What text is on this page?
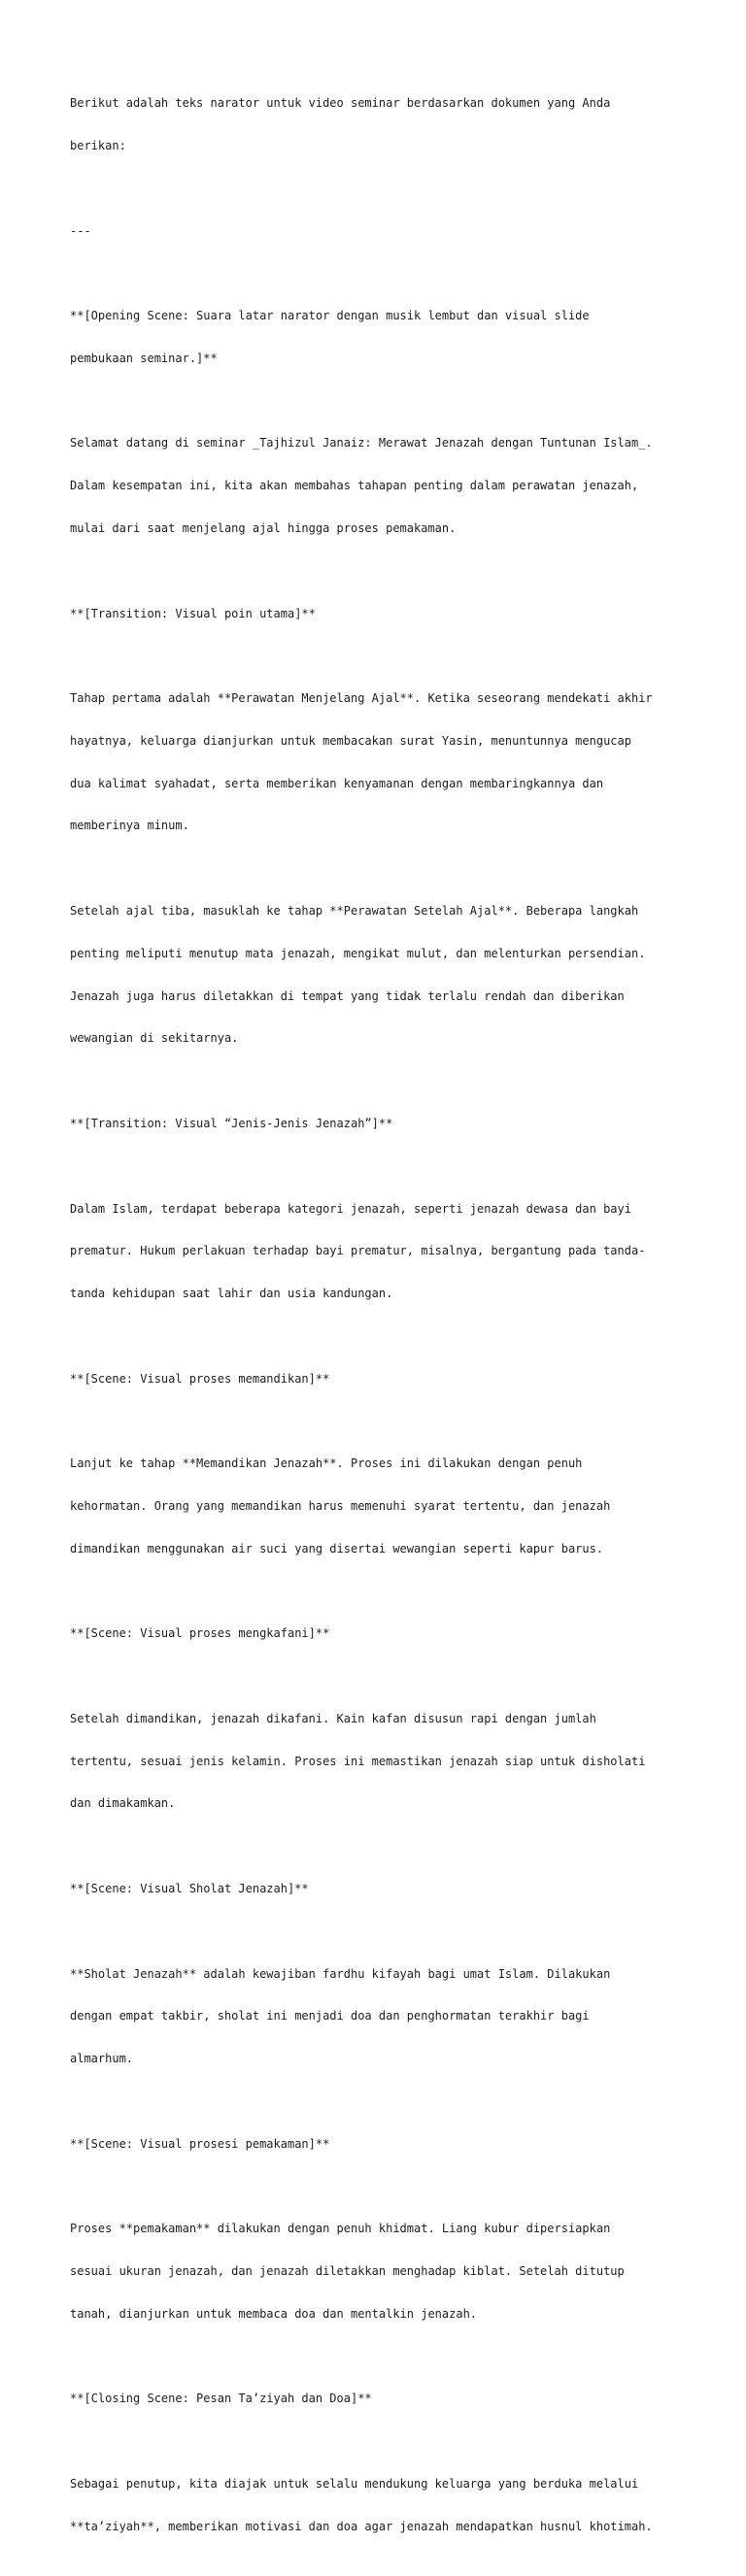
Berikut adalah teks narator untuk video seminar berdasarkan dokumen yang Anda

berikan:

---

**[Opening Scene: Suara latar narator dengan musik lembut dan visual slide

pembukaan seminar.]**

Selamat datang di seminar _Tajhizul Janaiz: Merawat Jenazah dengan Tuntunan Islam_.

Dalam kesempatan ini, kita akan membahas tahapan penting dalam perawatan jenazah,

mulai dari saat menjelang ajal hingga proses pemakaman.

**[Transition: Visual poin utama]**

Tahap pertama adalah **Perawatan Menjelang Ajal**. Ketika seseorang mendekati akhir

hayatnya, keluarga dianjurkan untuk membacakan surat Yasin, menuntunnya mengucap

dua kalimat syahadat, serta memberikan kenyamanan dengan membaringkannya dan

memberinya minum.

Setelah ajal tiba, masuklah ke tahap **Perawatan Setelah Ajal**. Beberapa langkah

penting meliputi menutup mata jenazah, mengikat mulut, dan melenturkan persendian.

Jenazah juga harus diletakkan di tempat yang tidak terlalu rendah dan diberikan

wewangian di sekitarnya.

**[Transition: Visual “Jenis-Jenis Jenazah”]**

Dalam Islam, terdapat beberapa kategori jenazah, seperti jenazah dewasa dan bayi

prematur. Hukum perlakuan terhadap bayi prematur, misalnya, bergantung pada tanda-

tanda kehidupan saat lahir dan usia kandungan.

**[Scene: Visual proses memandikan]**

Lanjut ke tahap **Memandikan Jenazah**. Proses ini dilakukan dengan penuh

kehormatan. Orang yang memandikan harus memenuhi syarat tertentu, dan jenazah

dimandikan menggunakan air suci yang disertai wewangian seperti kapur barus.

**[Scene: Visual proses mengkafani]**

Setelah dimandikan, jenazah dikafani. Kain kafan disusun rapi dengan jumlah

tertentu, sesuai jenis kelamin. Proses ini memastikan jenazah siap untuk disholati

dan dimakamkan.

**[Scene: Visual Sholat Jenazah]**

**Sholat Jenazah** adalah kewajiban fardhu kifayah bagi umat Islam. Dilakukan

dengan empat takbir, sholat ini menjadi doa dan penghormatan terakhir bagi

almarhum.

**[Scene: Visual prosesi pemakaman]**

Proses **pemakaman** dilakukan dengan penuh khidmat. Liang kubur dipersiapkan

sesuai ukuran jenazah, dan jenazah diletakkan menghadap kiblat. Setelah ditutup

tanah, dianjurkan untuk membaca doa dan mentalkin jenazah.

**[Closing Scene: Pesan Ta’ziyah dan Doa]**

Sebagai penutup, kita diajak untuk selalu mendukung keluarga yang berduka melalui

**ta’ziyah**, memberikan motivasi dan doa agar jenazah mendapatkan husnul khotimah.
